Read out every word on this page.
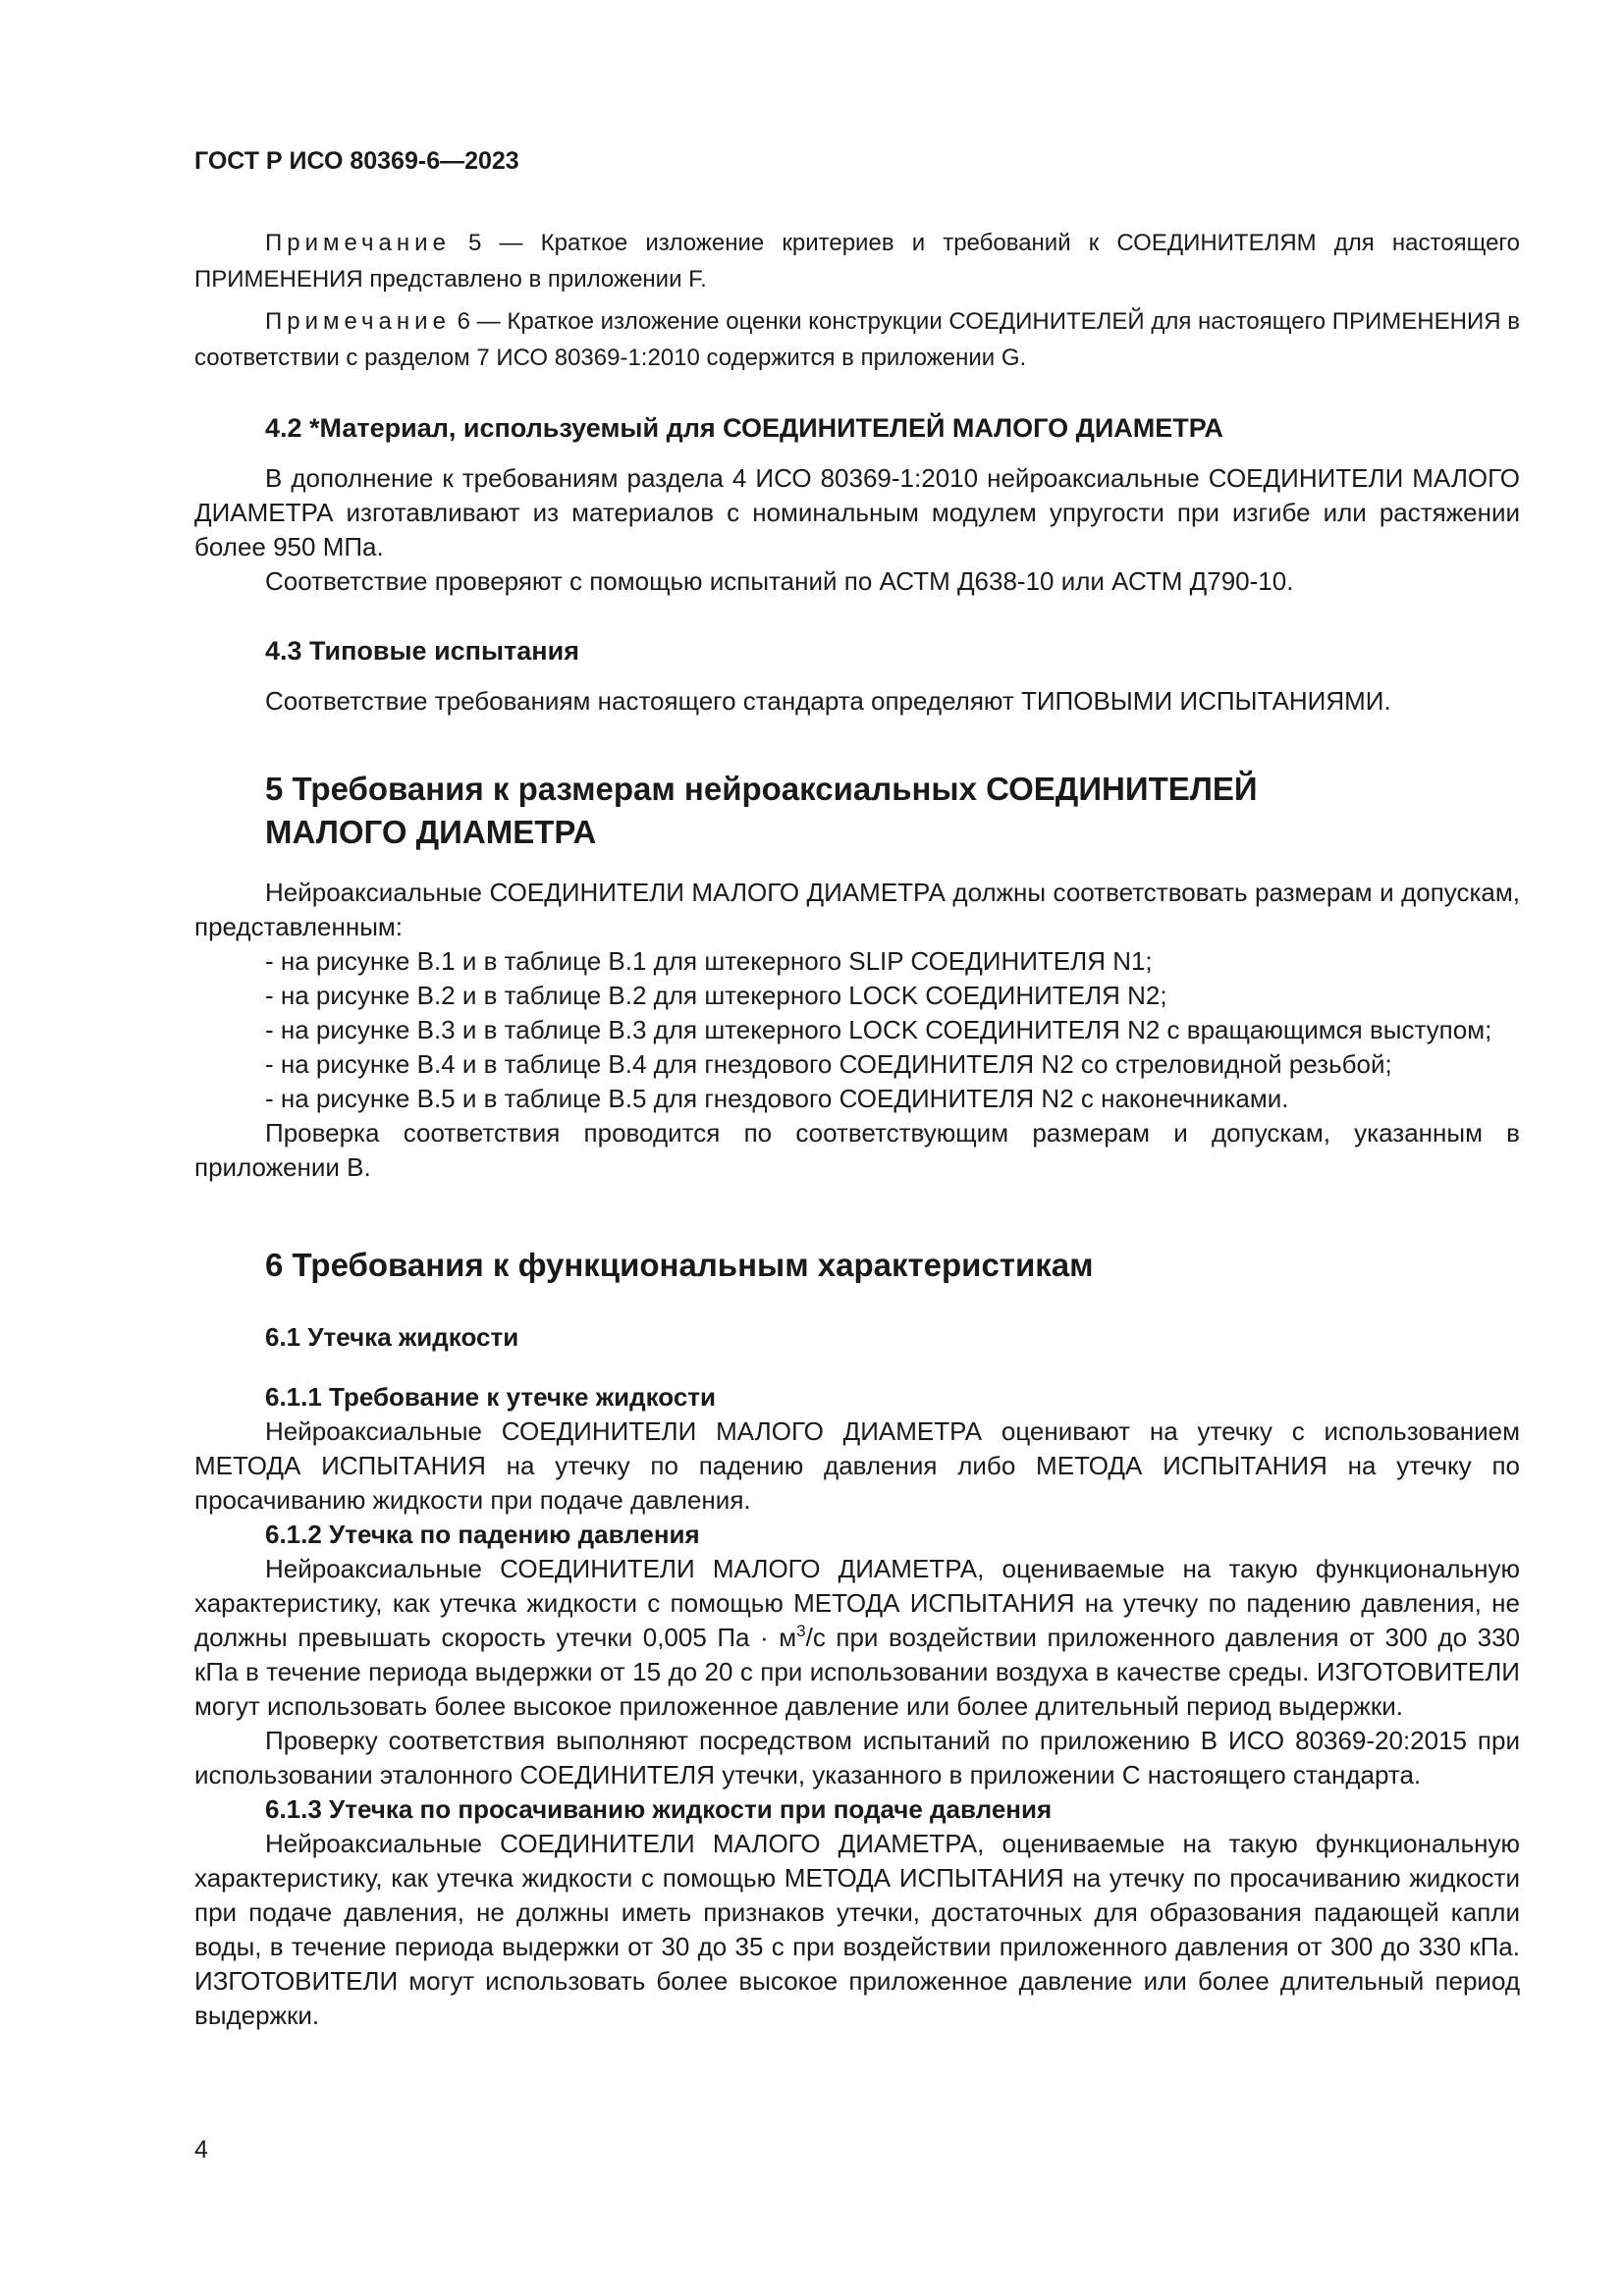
ГОСТ Р ИСО 80369-6—2023

Примечание 5 — Краткое изложение критериев и требований к СОЕДИНИТЕЛЯМ для настоящего ПРИМЕНЕНИЯ представлено в приложении F.

Примечание 6 — Краткое изложение оценки конструкции СОЕДИНИТЕЛЕЙ для настоящего ПРИМЕНЕНИЯ в соответствии с разделом 7 ИСО 80369-1:2010 содержится в приложении G.

4.2 *Материал, используемый для СОЕДИНИТЕЛЕЙ МАЛОГО ДИАМЕТРА

В дополнение к требованиям раздела 4 ИСО 80369-1:2010 нейроаксиальные СОЕДИНИТЕЛИ МАЛОГО ДИАМЕТРА изготавливают из материалов с номинальным модулем упругости при изгибе или растяжении более 950 МПа.

Соответствие проверяют с помощью испытаний по АСТМ Д638-10 или АСТМ Д790-10.

4.3 Типовые испытания

Соответствие требованиям настоящего стандарта определяют ТИПОВЫМИ ИСПЫТАНИЯМИ.

5 Требования к размерам нейроаксиальных СОЕДИНИТЕЛЕЙ
МАЛОГО ДИАМЕТРА

Нейроаксиальные СОЕДИНИТЕЛИ МАЛОГО ДИАМЕТРА должны соответствовать размерам и допускам, представленным:

- на рисунке В.1 и в таблице В.1 для штекерного SLIP СОЕДИНИТЕЛЯ N1;

- на рисунке В.2 и в таблице В.2 для штекерного LOCK СОЕДИНИТЕЛЯ N2;

- на рисунке В.3 и в таблице В.3 для штекерного LOCK СОЕДИНИТЕЛЯ N2 с вращающимся выступом;

- на рисунке В.4 и в таблице В.4 для гнездового СОЕДИНИТЕЛЯ N2 со стреловидной резьбой;

- на рисунке В.5 и в таблице В.5 для гнездового СОЕДИНИТЕЛЯ N2 с наконечниками.

Проверка соответствия проводится по соответствующим размерам и допускам, указанным в приложении В.

6 Требования к функциональным характеристикам
6.1 Утечка жидкости
6.1.1 Требование к утечке жидкости

Нейроаксиальные СОЕДИНИТЕЛИ МАЛОГО ДИАМЕТРА оценивают на утечку с использованием МЕТОДА ИСПЫТАНИЯ на утечку по падению давления либо МЕТОДА ИСПЫТАНИЯ на утечку по просачиванию жидкости при подаче давления.

6.1.2 Утечка по падению давления

Нейроаксиальные СОЕДИНИТЕЛИ МАЛОГО ДИАМЕТРА, оцениваемые на такую функциональную характеристику, как утечка жидкости с помощью МЕТОДА ИСПЫТАНИЯ на утечку по падению давления, не должны превышать скорость утечки 0,005 Па · $м^3/с$ при воздействии приложенного давления от 300 до 330 кПа в течение периода выдержки от 15 до 20 с при использовании воздуха в качестве среды. ИЗГОТОВИТЕЛИ могут использовать более высокое приложенное давление или более длительный период выдержки.

Проверку соответствия выполняют посредством испытаний по приложению В ИСО 80369-20:2015 при использовании эталонного СОЕДИНИТЕЛЯ утечки, указанного в приложении С настоящего стандарта.

6.1.3 Утечка по просачиванию жидкости при подаче давления

Нейроаксиальные СОЕДИНИТЕЛИ МАЛОГО ДИАМЕТРА, оцениваемые на такую функциональную характеристику, как утечка жидкости с помощью МЕТОДА ИСПЫТАНИЯ на утечку по просачиванию жидкости при подаче давления, не должны иметь признаков утечки, достаточных для образования падающей капли воды, в течение периода выдержки от 30 до 35 с при воздействии приложенного давления от 300 до 330 кПа. ИЗГОТОВИТЕЛИ могут использовать более высокое приложенное давление или более длительный период выдержки.

4
